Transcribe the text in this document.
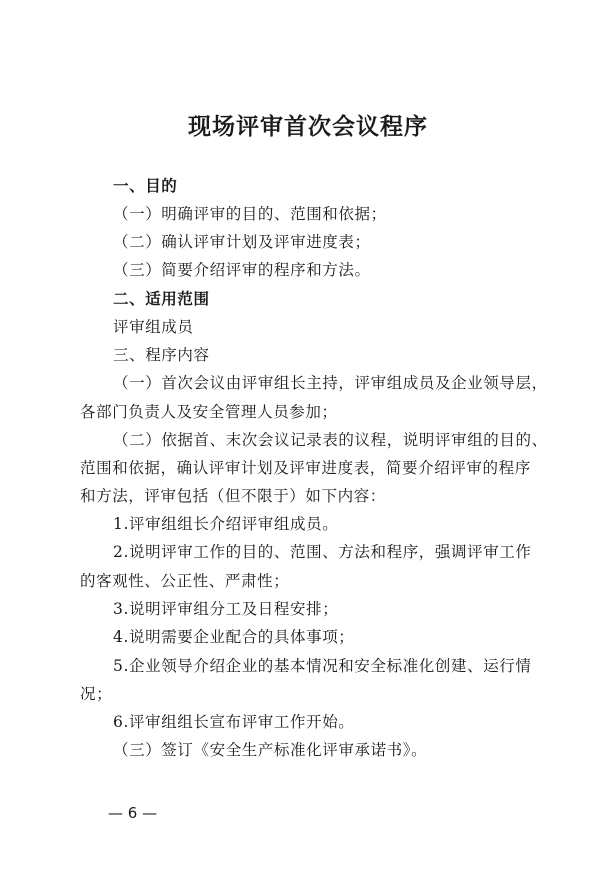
现场评审首次会议程序
一、目的
（一）明确评审的目的、范围和依据；
（二）确认评审计划及评审进度表；
（三）简要介绍评审的程序和方法。
二、适用范围
评审组成员
三、程序内容
（一）首次会议由评审组长主持，评审组成员及企业领导层，
各部门负责人及安全管理人员参加；
（二）依据首、末次会议记录表的议程，说明评审组的目的、
范围和依据，确认评审计划及评审进度表，简要介绍评审的程序
和方法，评审包括（但不限于）如下内容：
1.评审组组长介绍评审组成员。
2.说明评审工作的目的、范围、方法和程序，强调评审工作
的客观性、公正性、严肃性；
3.说明评审组分工及日程安排；
4.说明需要企业配合的具体事项；
5.企业领导介绍企业的基本情况和安全标准化创建、运行情
况；
6.评审组组长宣布评审工作开始。
（三）签订《安全生产标准化评审承诺书》。
— 6 —
